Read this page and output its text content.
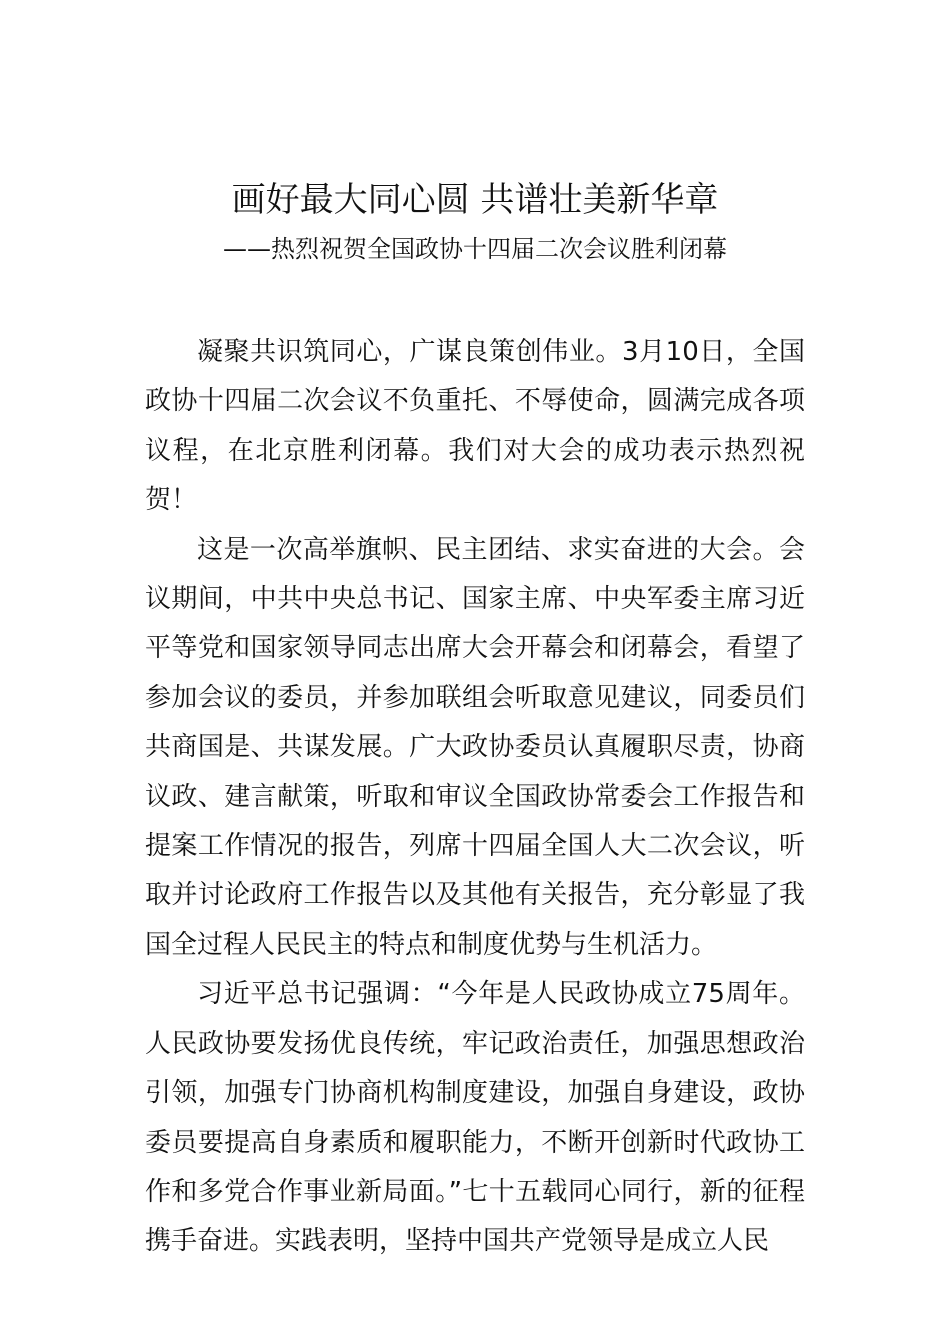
画好最大同心圆 共谱壮美新华章

——热烈祝贺全国政协十四届二次会议胜利闭幕

凝聚共识筑同心，广谋良策创伟业。3月10日，全国政协十四届二次会议不负重托、不辱使命，圆满完成各项议程，在北京胜利闭幕。我们对大会的成功表示热烈祝贺！

这是一次高举旗帜、民主团结、求实奋进的大会。会议期间，中共中央总书记、国家主席、中央军委主席习近平等党和国家领导同志出席大会开幕会和闭幕会，看望了参加会议的委员，并参加联组会听取意见建议，同委员们共商国是、共谋发展。广大政协委员认真履职尽责，协商议政、建言献策，听取和审议全国政协常委会工作报告和提案工作情况的报告，列席十四届全国人大二次会议，听取并讨论政府工作报告以及其他有关报告，充分彰显了我国全过程人民民主的特点和制度优势与生机活力。

习近平总书记强调：“今年是人民政协成立75周年。人民政协要发扬优良传统，牢记政治责任，加强思想政治引领，加强专门协商机构制度建设，加强自身建设，政协委员要提高自身素质和履职能力，不断开创新时代政协工作和多党合作事业新局面。”七十五载同心同行，新的征程携手奋进。实践表明，坚持中国共产党领导是成立人民
